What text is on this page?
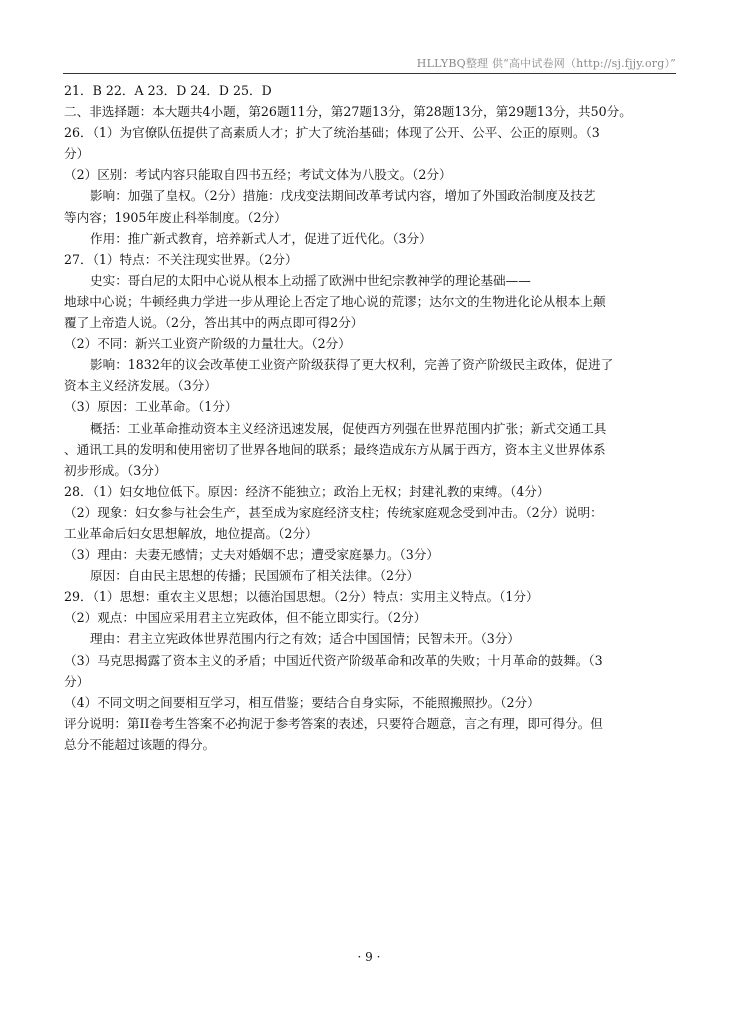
HLLYBQ整理 供“高中试卷网（http://sj.fjjy.org）”
21．B 22．A 23．D 24．D 25．D
二、非选择题：本大题共4小题，第26题11分，第27题13分，第28题13分，第29题13分，共50分。
26．（1）为官僚队伍提供了高素质人才；扩大了统治基础；体现了公开、公平、公正的原则。（3
分）
（2）区别：考试内容只能取自四书五经；考试文体为八股文。（2分）
影响：加强了皇权。（2分）措施：戊戌变法期间改革考试内容，增加了外国政治制度及技艺
等内容；1905年废止科举制度。（2分）
作用：推广新式教育，培养新式人才，促进了近代化。（3分）
27．（1）特点：不关注现实世界。（2分）
史实：哥白尼的太阳中心说从根本上动摇了欧洲中世纪宗教神学的理论基础——
地球中心说；牛顿经典力学进一步从理论上否定了地心说的荒谬；达尔文的生物进化论从根本上颠
覆了上帝造人说。（2分，答出其中的两点即可得2分）
（2）不同：新兴工业资产阶级的力量壮大。（2分）
影响：1832年的议会改革使工业资产阶级获得了更大权利，完善了资产阶级民主政体，促进了
资本主义经济发展。（3分）
（3）原因：工业革命。（1分）
概括：工业革命推动资本主义经济迅速发展，促使西方列强在世界范围内扩张；新式交通工具
、通讯工具的发明和使用密切了世界各地间的联系；最终造成东方从属于西方，资本主义世界体系
初步形成。（3分）
28．（1）妇女地位低下。原因：经济不能独立；政治上无权；封建礼教的束缚。（4分）
（2）现象：妇女参与社会生产，甚至成为家庭经济支柱；传统家庭观念受到冲击。（2分）说明：
工业革命后妇女思想解放，地位提高。（2分）
（3）理由：夫妻无感情；丈夫对婚姻不忠；遭受家庭暴力。（3分）
原因：自由民主思想的传播；民国颁布了相关法律。（2分）
29．（1）思想：重农主义思想；以德治国思想。（2分）特点：实用主义特点。（1分）
（2）观点：中国应采用君主立宪政体，但不能立即实行。（2分）
理由：君主立宪政体世界范围内行之有效；适合中国国情；民智未开。（3分）
（3）马克思揭露了资本主义的矛盾；中国近代资产阶级革命和改革的失败；十月革命的鼓舞。（3
分）
（4）不同文明之间要相互学习，相互借鉴；要结合自身实际，不能照搬照抄。（2分）
评分说明：第II卷考生答案不必拘泥于参考答案的表述，只要符合题意，言之有理，即可得分。但
总分不能超过该题的得分。
· 9 ·
